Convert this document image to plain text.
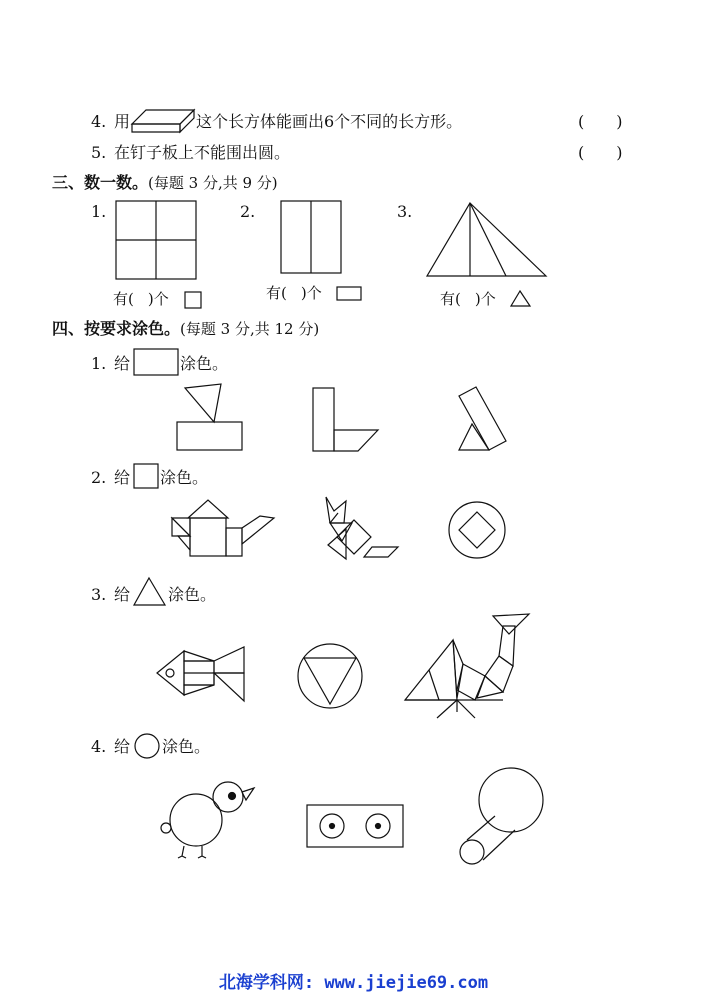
4. 用	这个长方体能画出6个不同的长方形。	(　　)
5. 在钉子板上不能围出圆。	(　　)
三、数一数。(每题 3 分,共 9 分)
1.
有( )个
2.
有( )个
3.
有( )个
四、按要求涂色。(每题 3 分,共 12 分)
1. 给	涂色。
2. 给 涂色。
3. 给 涂色。
4. 给 涂色。
北海学科网: www.jiejie69.com
